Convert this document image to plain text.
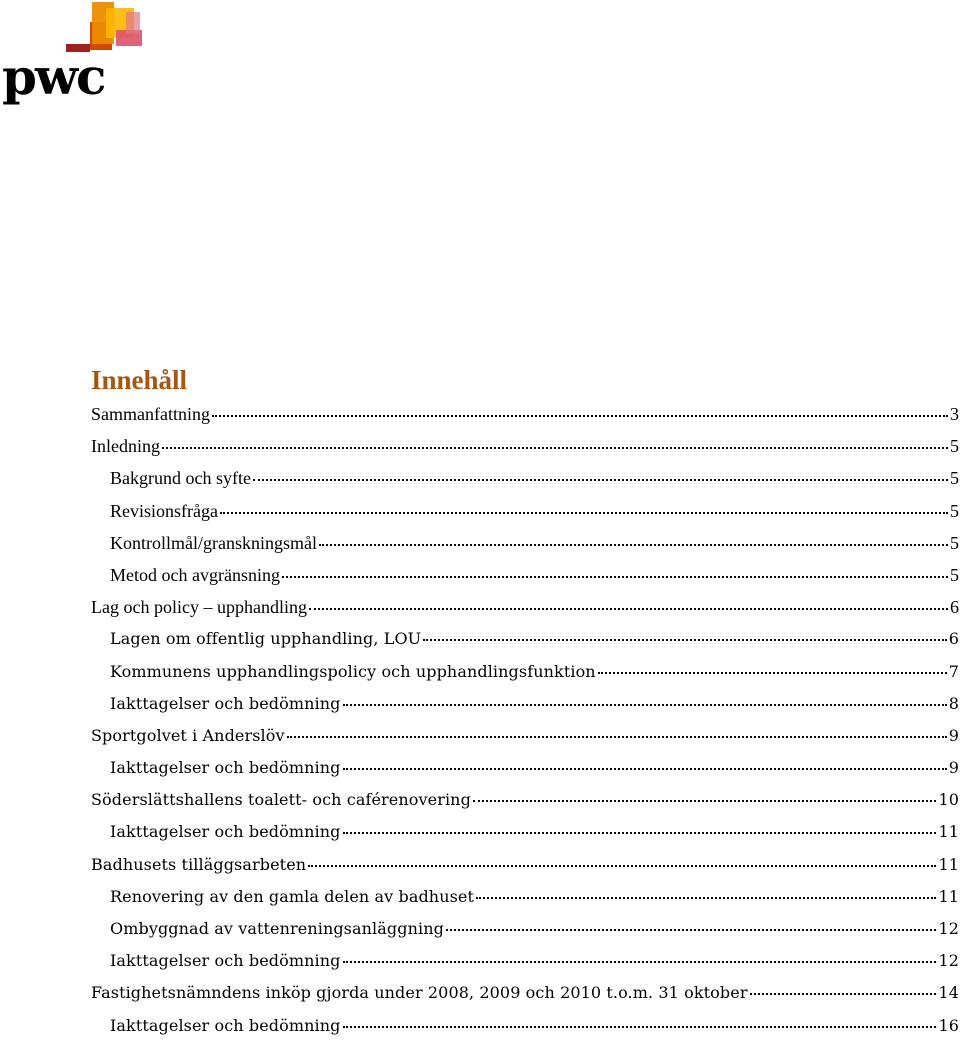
pwc
Innehåll
Sammanfattning	3
Inledning	5
Bakgrund och syfte	5
Revisionsfråga	5
Kontrollmål/granskningsmål	5
Metod och avgränsning	5
Lag och policy – upphandling	6
Lagen om offentlig upphandling, LOU	6
Kommunens upphandlingspolicy och upphandlingsfunktion	7
Iakttagelser och bedömning	8
Sportgolvet i Anderslöv	9
Iakttagelser och bedömning	9
Söderslättshallens toalett- och caférenovering	10
Iakttagelser och bedömning	11
Badhusets tilläggsarbeten	11
Renovering av den gamla delen av badhuset	11
Ombyggnad av vattenreningsanläggning	12
Iakttagelser och bedömning	12
Fastighetsnämndens inköp gjorda under 2008, 2009 och 2010 t.o.m. 31 oktober	14
Iakttagelser och bedömning	16
